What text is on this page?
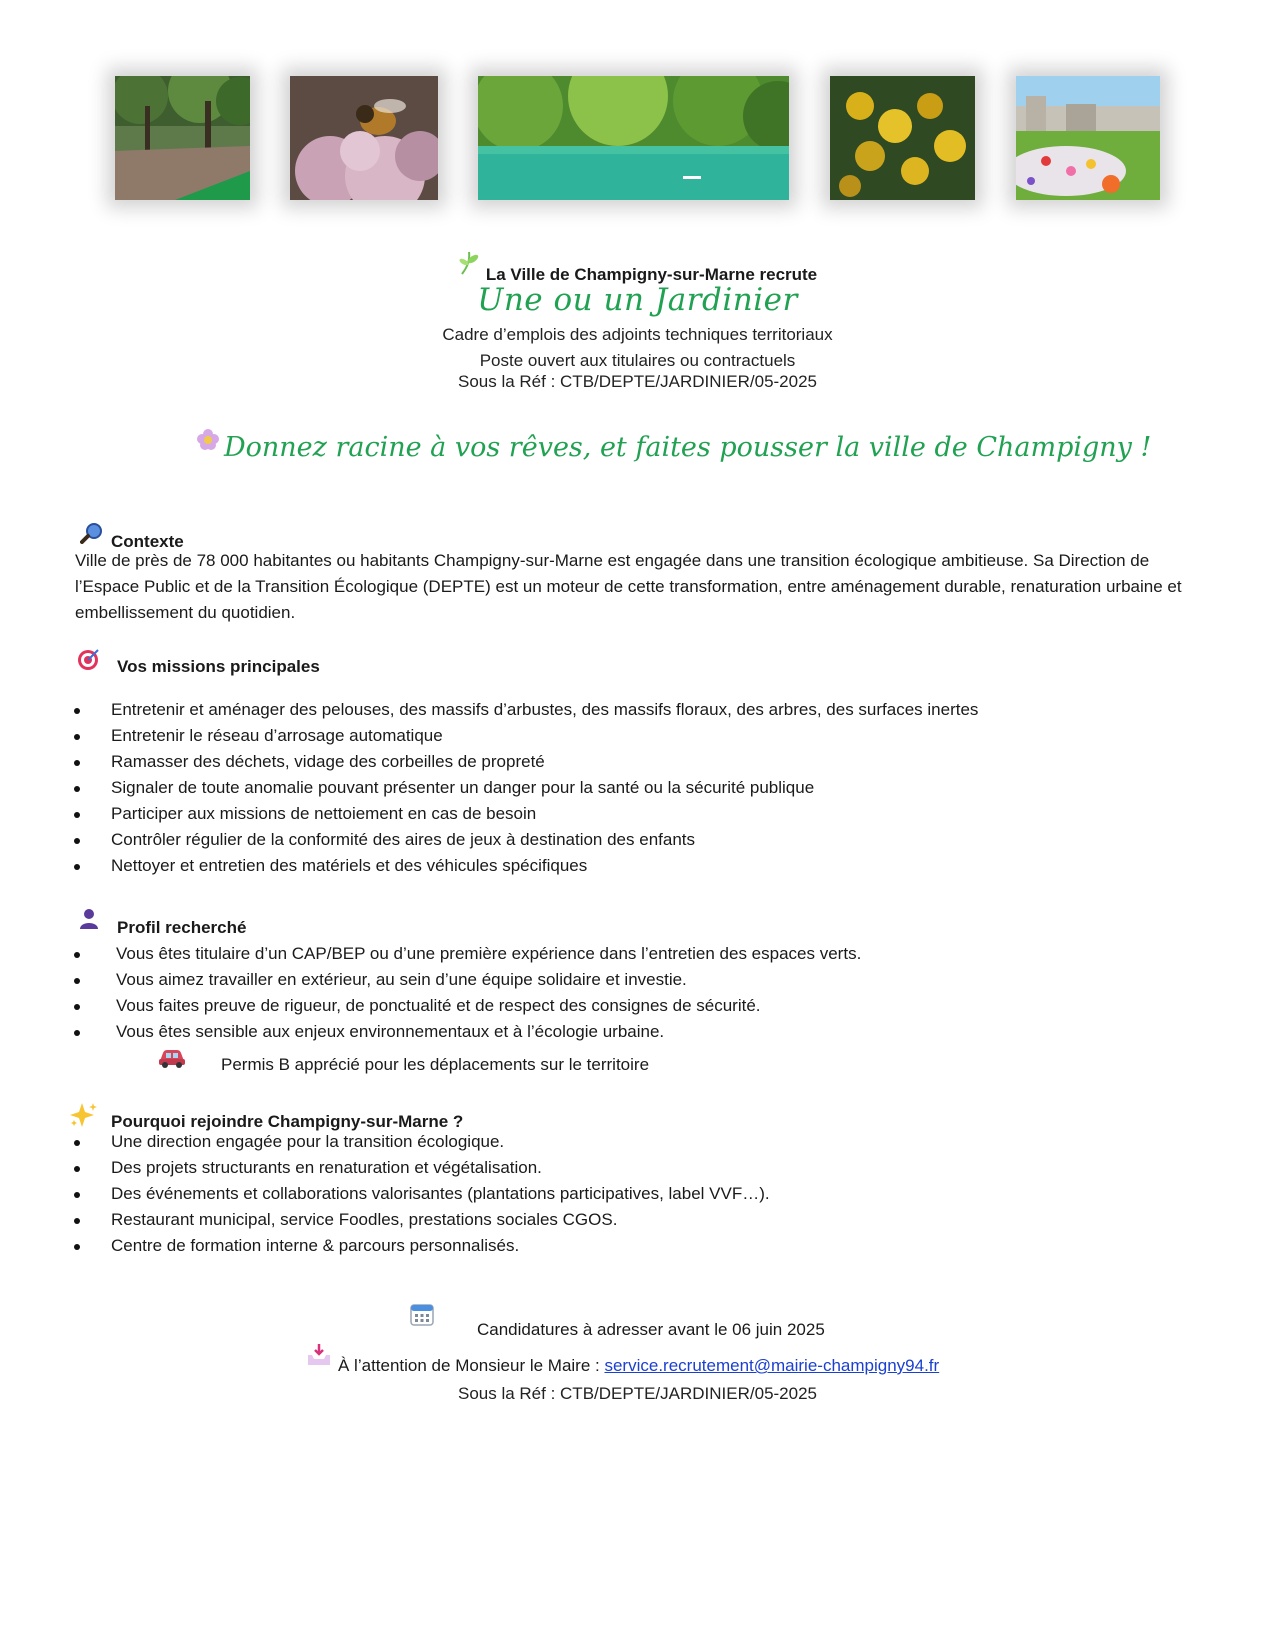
La Ville de Champigny-sur-Marne recrute
Une ou un Jardinier
Cadre d’emplois des adjoints techniques territoriaux
Poste ouvert aux titulaires ou contractuels
Sous la Réf : CTB/DEPTE/JARDINIER/05-2025
Donnez racine à vos rêves, et faites pousser la ville de Champigny !
Contexte
Ville de près de 78 000 habitantes ou habitants Champigny-sur-Marne est engagée dans une transition écologique ambitieuse. Sa Direction de l’Espace Public et de la Transition Écologique (DEPTE) est un moteur de cette transformation, entre aménagement durable, renaturation urbaine et embellissement du quotidien.
Vos missions principales
Entretenir et aménager des pelouses, des massifs d’arbustes, des massifs floraux, des arbres, des surfaces inertes
Entretenir le réseau d’arrosage automatique
Ramasser des déchets, vidage des corbeilles de propreté
Signaler de toute anomalie pouvant présenter un danger pour la santé ou la sécurité publique
Participer aux missions de nettoiement en cas de besoin
Contrôler régulier de la conformité des aires de jeux à destination des enfants
Nettoyer et entretien des matériels et des véhicules spécifiques
Profil recherché
Vous êtes titulaire d’un CAP/BEP ou d’une première expérience dans l’entretien des espaces verts.
Vous aimez travailler en extérieur, au sein d’une équipe solidaire et investie.
Vous faites preuve de rigueur, de ponctualité et de respect des consignes de sécurité.
Vous êtes sensible aux enjeux environnementaux et à l’écologie urbaine.
Permis B apprécié pour les déplacements sur le territoire
Pourquoi rejoindre Champigny-sur-Marne ?
Une direction engagée pour la transition écologique.
Des projets structurants en renaturation et végétalisation.
Des événements et collaborations valorisantes (plantations participatives, label VVF…).
Restaurant municipal, service Foodles, prestations sociales CGOS.
Centre de formation interne & parcours personnalisés.
Candidatures à adresser avant le 06 juin 2025
À l’attention de Monsieur le Maire : service.recrutement@mairie-champigny94.fr
Sous la Réf : CTB/DEPTE/JARDINIER/05-2025
